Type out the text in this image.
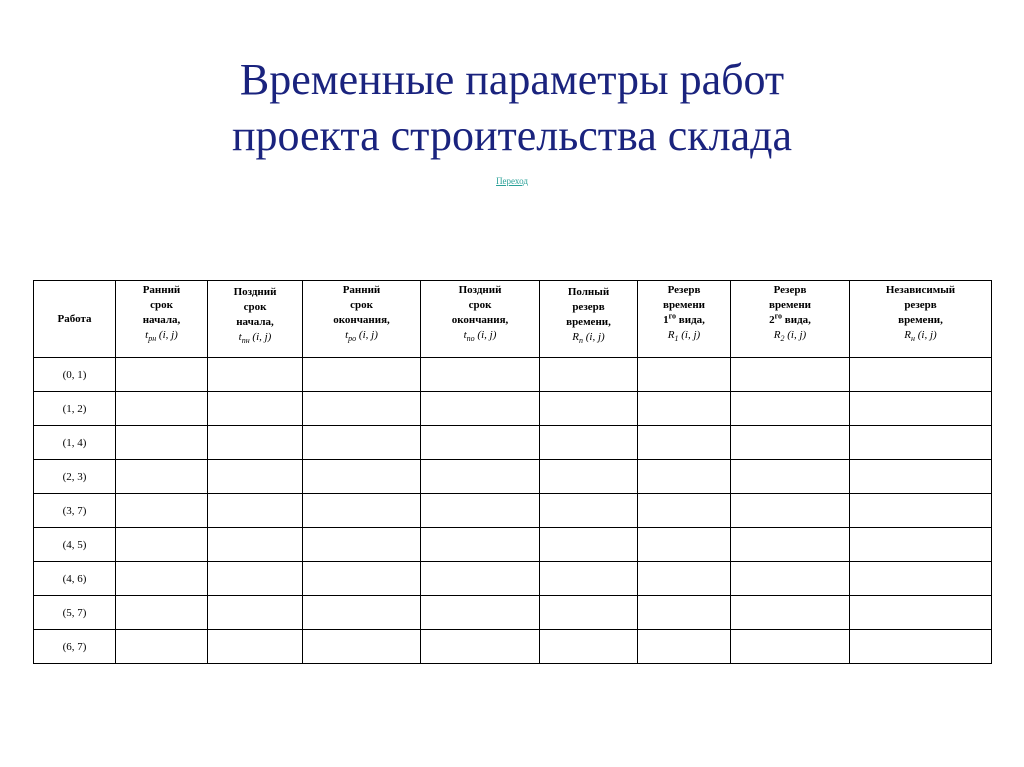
Временные параметры работ
проекта строительства склада
Переход
Работа	Ранний
срок
начала,
$t_{рн}$ (i, j)	Поздний
срок
начала,
$t_{пн}$ (i, j)	Ранний
срок
окончания,
$t_{ро}$ (i, j)	Поздний
срок
окончания,
$t_{по}$ (i, j)	Полный
резерв
времени,
$R_п$ (i, j)	Резерв
времени
$1^{го}$ вида,
$R_1$ (i, j)	Резерв
времени
$2^{го}$ вида,
$R_2$ (i, j)	Независимый
резерв
времени,
$R_н$ (i, j)

(0, 1)								
(1, 2)								
(1, 4)								
(2, 3)								
(3, 7)								
(4, 5)								
(4, 6)								
(5, 7)								
(6, 7)								
